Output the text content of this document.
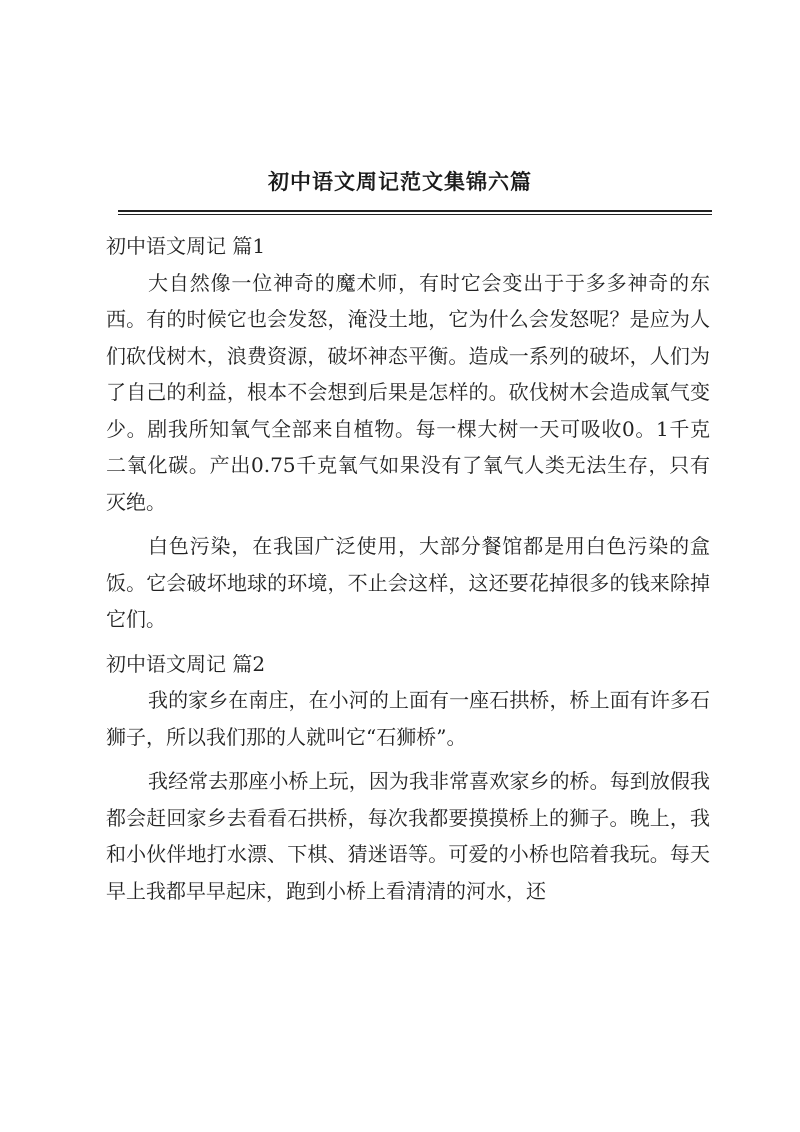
初中语文周记范文集锦六篇

初中语文周记 篇1

大自然像一位神奇的魔术师，有时它会变出于于多多神奇的东西。有的时候它也会发怒，淹没土地，它为什么会发怒呢？是应为人们砍伐树木，浪费资源，破坏神态平衡。造成一系列的破坏，人们为了自己的利益，根本不会想到后果是怎样的。砍伐树木会造成氧气变少。剧我所知氧气全部来自植物。每一棵大树一天可吸收0。1千克二氧化碳。产出0.75千克氧气如果没有了氧气人类无法生存，只有灭绝。

白色污染，在我国广泛使用，大部分餐馆都是用白色污染的盒饭。它会破坏地球的环境，不止会这样，这还要花掉很多的钱来除掉它们。

初中语文周记 篇2

我的家乡在南庄，在小河的上面有一座石拱桥，桥上面有许多石狮子，所以我们那的人就叫它“石狮桥”。

我经常去那座小桥上玩，因为我非常喜欢家乡的桥。每到放假我都会赶回家乡去看看石拱桥，每次我都要摸摸桥上的狮子。晚上，我和小伙伴地打水漂、下棋、猜迷语等。可爱的小桥也陪着我玩。每天早上我都早早起床，跑到小桥上看清清的河水，还
